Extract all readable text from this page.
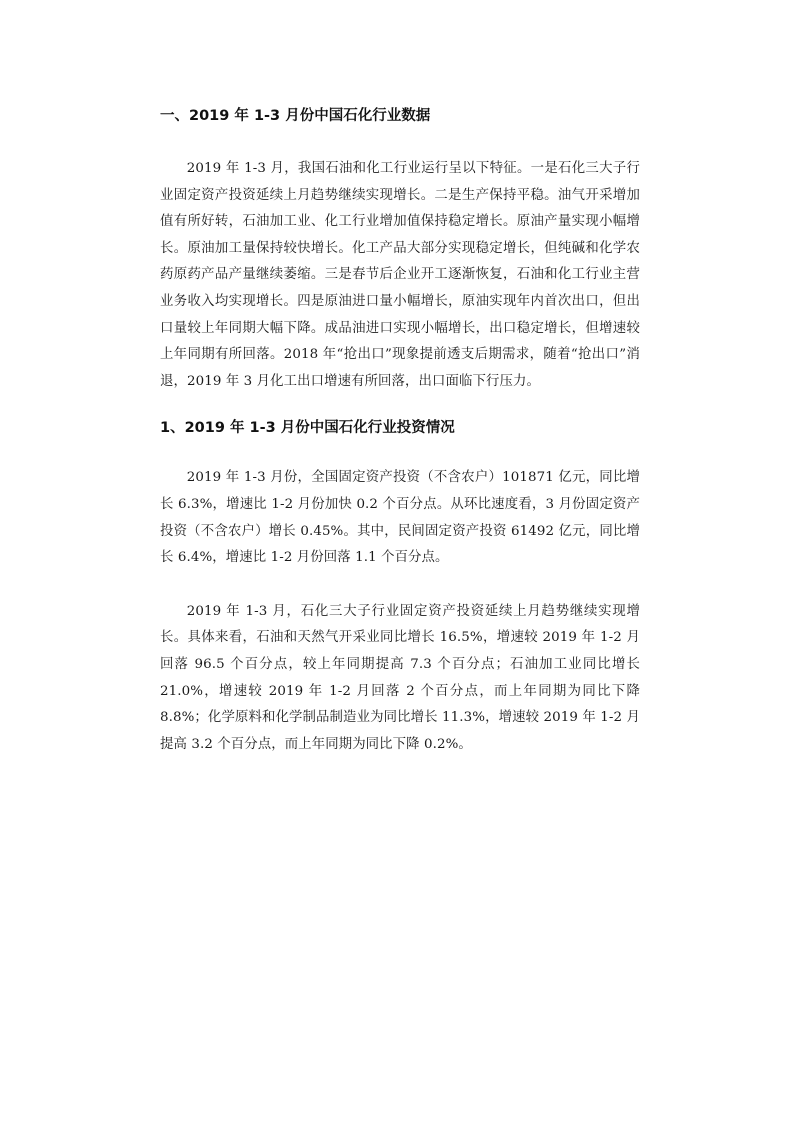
一、2019 年 1-3 月份中国石化行业数据

2019 年 1-3 月，我国石油和化工行业运行呈以下特征。一是石化三大子行业固定资产投资延续上月趋势继续实现增长。二是生产保持平稳。油气开采增加值有所好转，石油加工业、化工行业增加值保持稳定增长。原油产量实现小幅增长。原油加工量保持较快增长。化工产品大部分实现稳定增长，但纯碱和化学农药原药产品产量继续萎缩。三是春节后企业开工逐渐恢复，石油和化工行业主营业务收入均实现增长。四是原油进口量小幅增长，原油实现年内首次出口，但出口量较上年同期大幅下降。成品油进口实现小幅增长，出口稳定增长，但增速较上年同期有所回落。2018 年“抢出口”现象提前透支后期需求，随着“抢出口”消退，2019 年 3 月化工出口增速有所回落，出口面临下行压力。

1、2019 年 1-3 月份中国石化行业投资情况

2019 年 1-3 月份，全国固定资产投资（不含农户）101871 亿元，同比增长 6.3%，增速比 1-2 月份加快 0.2 个百分点。从环比速度看，3 月份固定资产投资（不含农户）增长 0.45%。其中，民间固定资产投资 61492 亿元，同比增长 6.4%，增速比 1-2 月份回落 1.1 个百分点。

2019 年 1-3 月，石化三大子行业固定资产投资延续上月趋势继续实现增长。具体来看，石油和天然气开采业同比增长 16.5%，增速较 2019 年 1-2 月回落 96.5 个百分点，较上年同期提高 7.3 个百分点；石油加工业同比增长 21.0%，增速较 2019 年 1-2 月回落 2 个百分点，而上年同期为同比下降 8.8%；化学原料和化学制品制造业为同比增长 11.3%，增速较 2019 年 1-2 月提高 3.2 个百分点，而上年同期为同比下降 0.2%。
